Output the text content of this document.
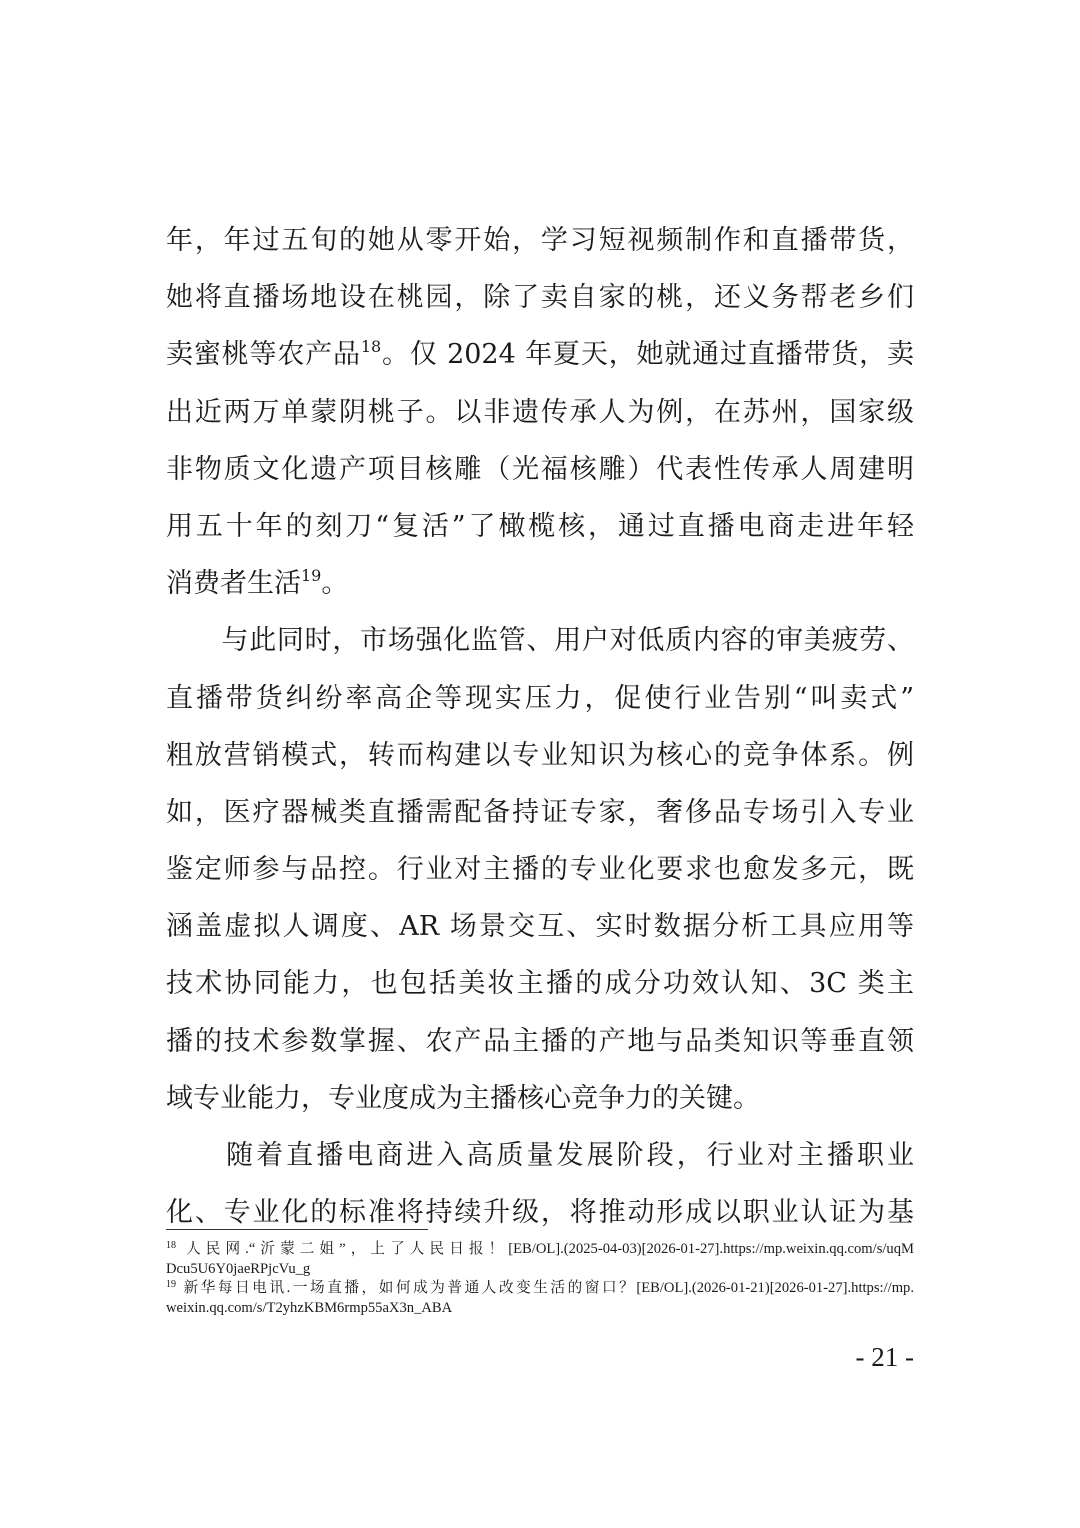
年，年过五旬的她从零开始，学习短视频制作和直播带货，
她将直播场地设在桃园，除了卖自家的桃，还义务帮老乡们
卖蜜桃等农产品$^{18}$。仅 2024 年夏天，她就通过直播带货，卖
出近两万单蒙阴桃子。以非遗传承人为例，在苏州，国家级
非物质文化遗产项目核雕（光福核雕）代表性传承人周建明
用五十年的刻刀“复活”了橄榄核，通过直播电商走进年轻
消费者生活$^{19}$。
　　与此同时，市场强化监管、用户对低质内容的审美疲劳、
直播带货纠纷率高企等现实压力，促使行业告别“叫卖式”
粗放营销模式，转而构建以专业知识为核心的竞争体系。例
如，医疗器械类直播需配备持证专家，奢侈品专场引入专业
鉴定师参与品控。行业对主播的专业化要求也愈发多元，既
涵盖虚拟人调度、AR 场景交互、实时数据分析工具应用等
技术协同能力，也包括美妆主播的成分功效认知、3C 类主
播的技术参数掌握、农产品主播的产地与品类知识等垂直领
域专业能力，专业度成为主播核心竞争力的关键。
　　随着直播电商进入高质量发展阶段，行业对主播职业
化、专业化的标准将持续升级，将推动形成以职业认证为基
$^{18}$ 人民网.“沂蒙二姐”，上了人民日报！[EB/OL].(2025-04-03)[2026-01-27].https://mp.weixin.qq.com/s/uqM
Dcu5U6Y0jaeRPjcVu_g
$^{19}$ 新华每日电讯.一场直播，如何成为普通人改变生活的窗口？[EB/OL].(2026-01-21)[2026-01-27].https://mp.
weixin.qq.com/s/T2yhzKBM6rmp55aX3n_ABA
- 21 -
